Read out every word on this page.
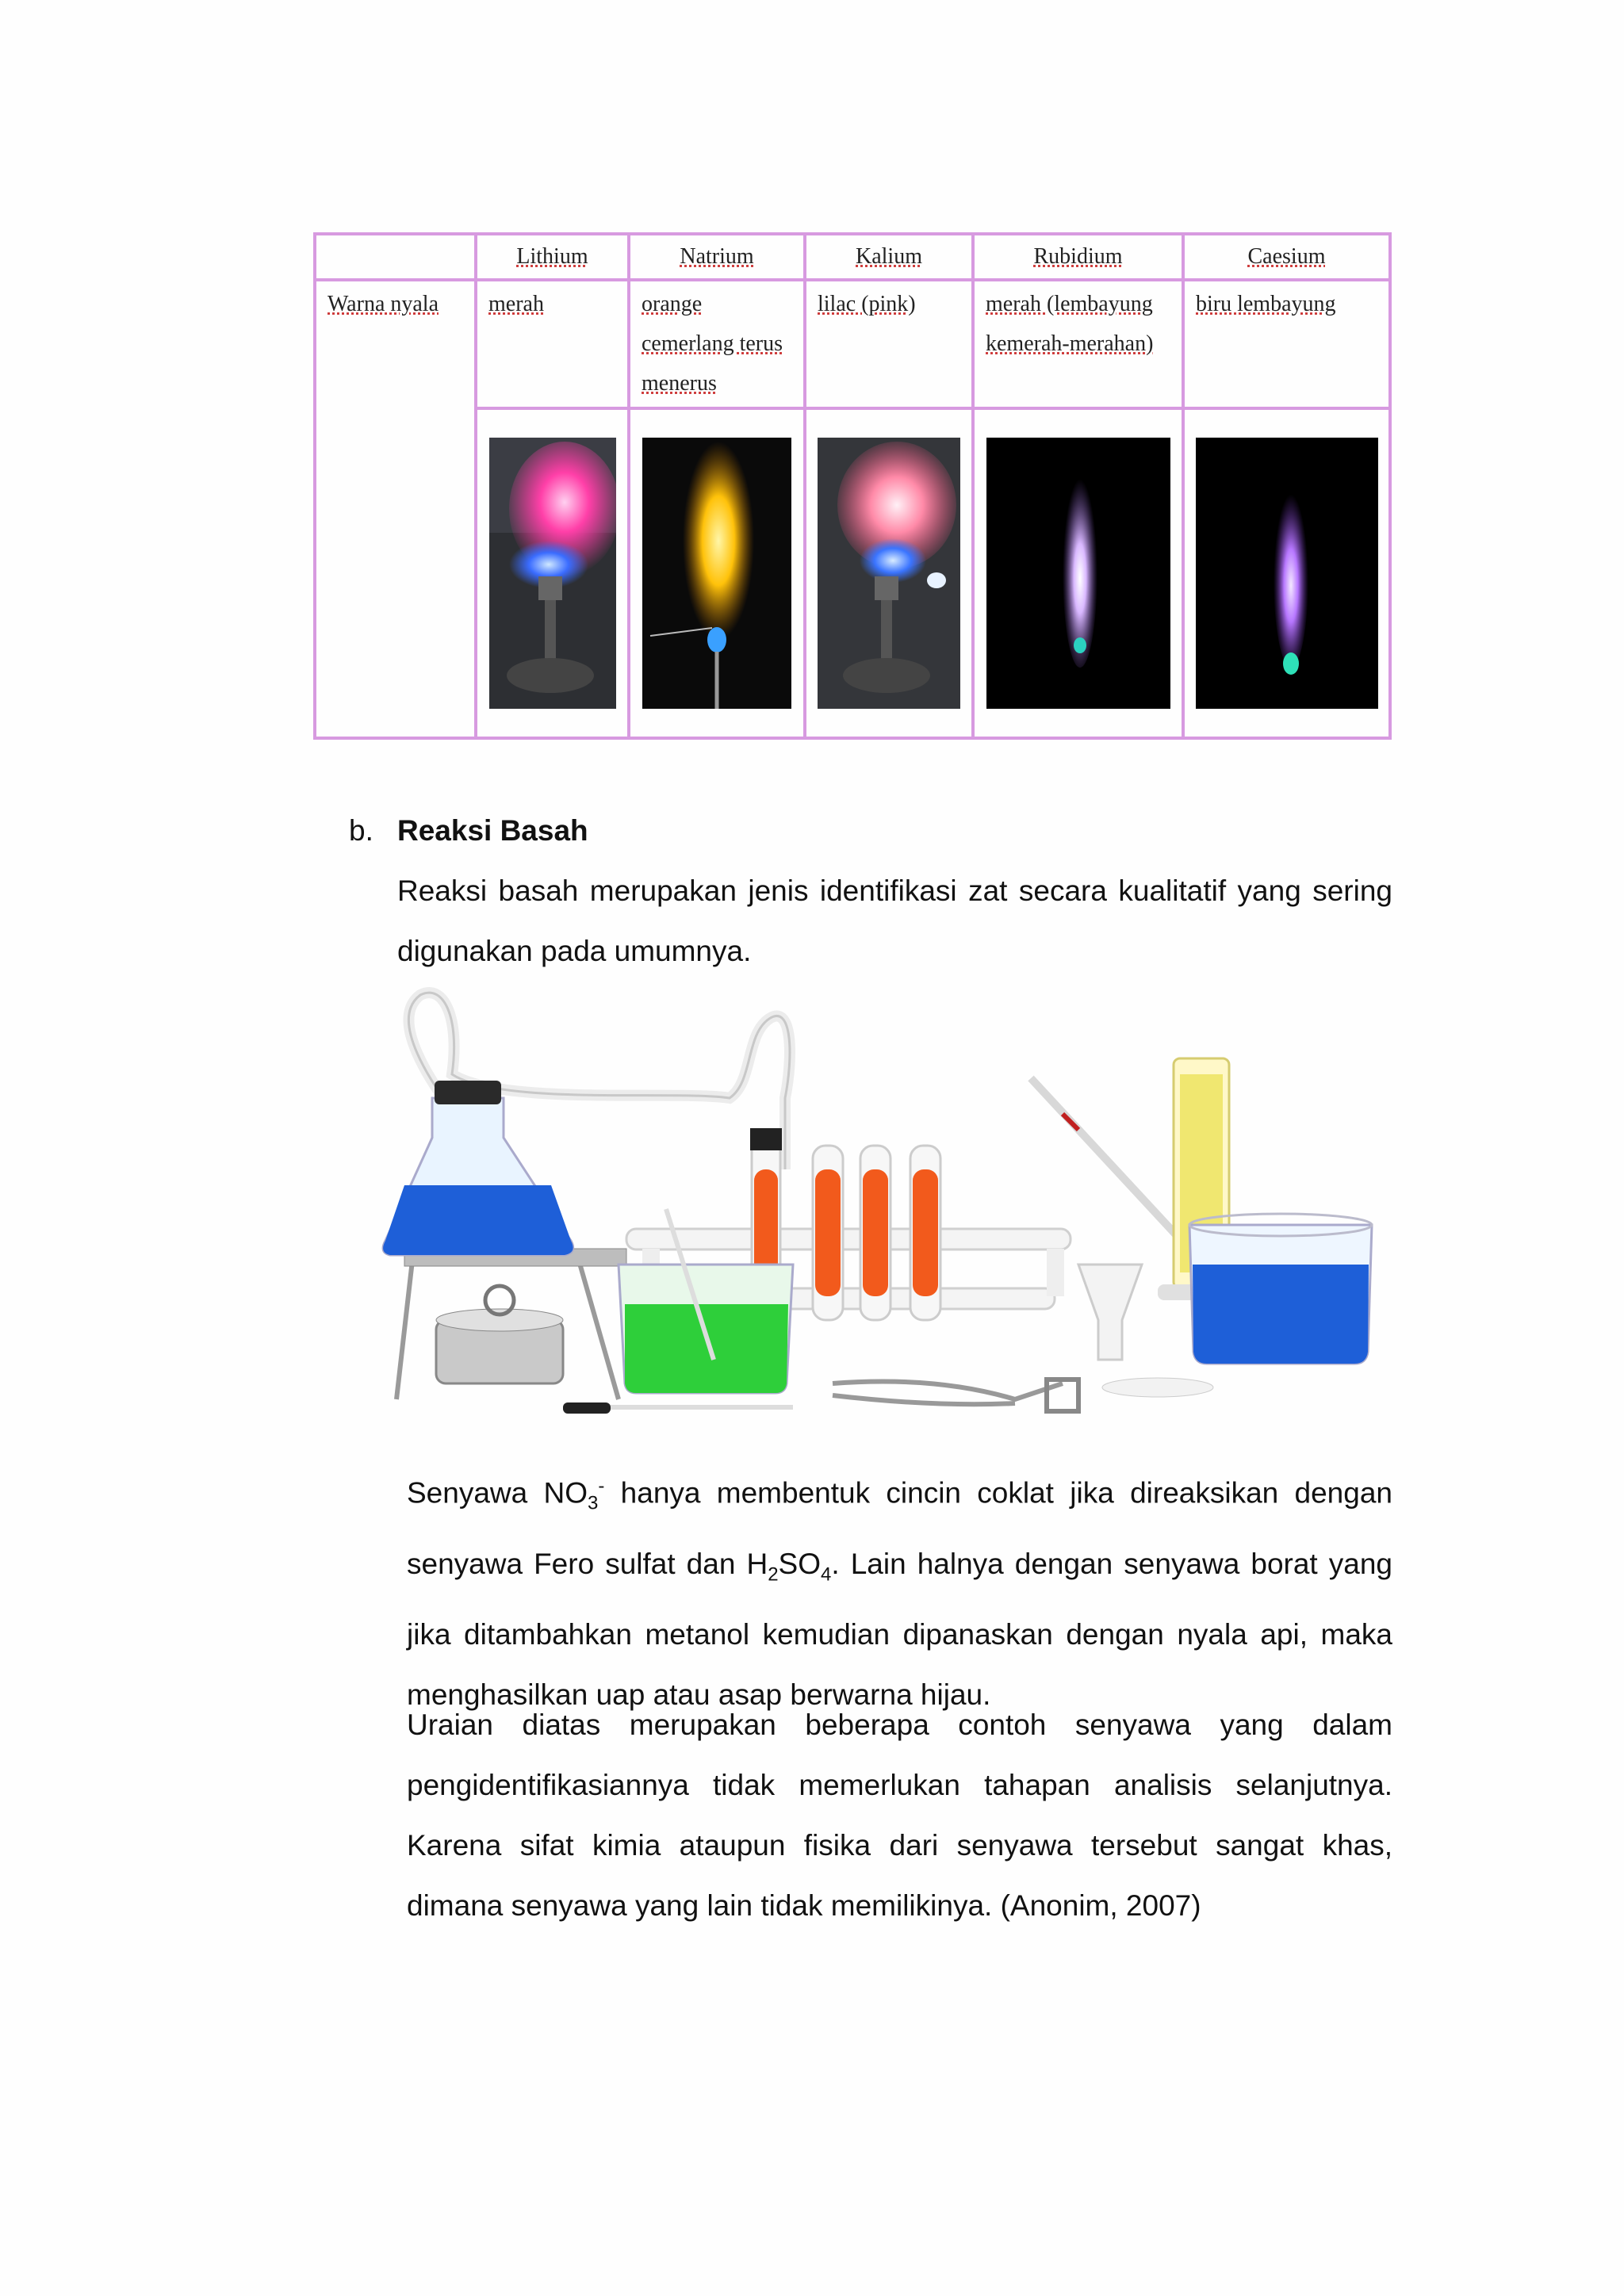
	Lithium	Natrium	Kalium	Rubidium	Caesium
Warna nyala	merah	orange cemerlang terus menerus	lilac (pink)	merah (lembayung kemerah-merahan)	biru lembayung

b. Reaksi Basah
Reaksi basah merupakan jenis identifikasi zat secara kualitatif yang sering digunakan pada umumnya.
Senyawa $NO_3^-$ hanya membentuk cincin coklat jika direaksikan dengan senyawa Fero sulfat dan $H_2SO_4$. Lain halnya dengan senyawa borat yang jika ditambahkan metanol kemudian dipanaskan dengan nyala api, maka menghasilkan uap atau asap berwarna hijau.
Uraian diatas merupakan beberapa contoh senyawa yang dalam pengidentifikasiannya tidak memerlukan tahapan analisis selanjutnya. Karena sifat kimia ataupun fisika dari senyawa tersebut sangat khas, dimana senyawa yang lain tidak memilikinya. (Anonim, 2007)
